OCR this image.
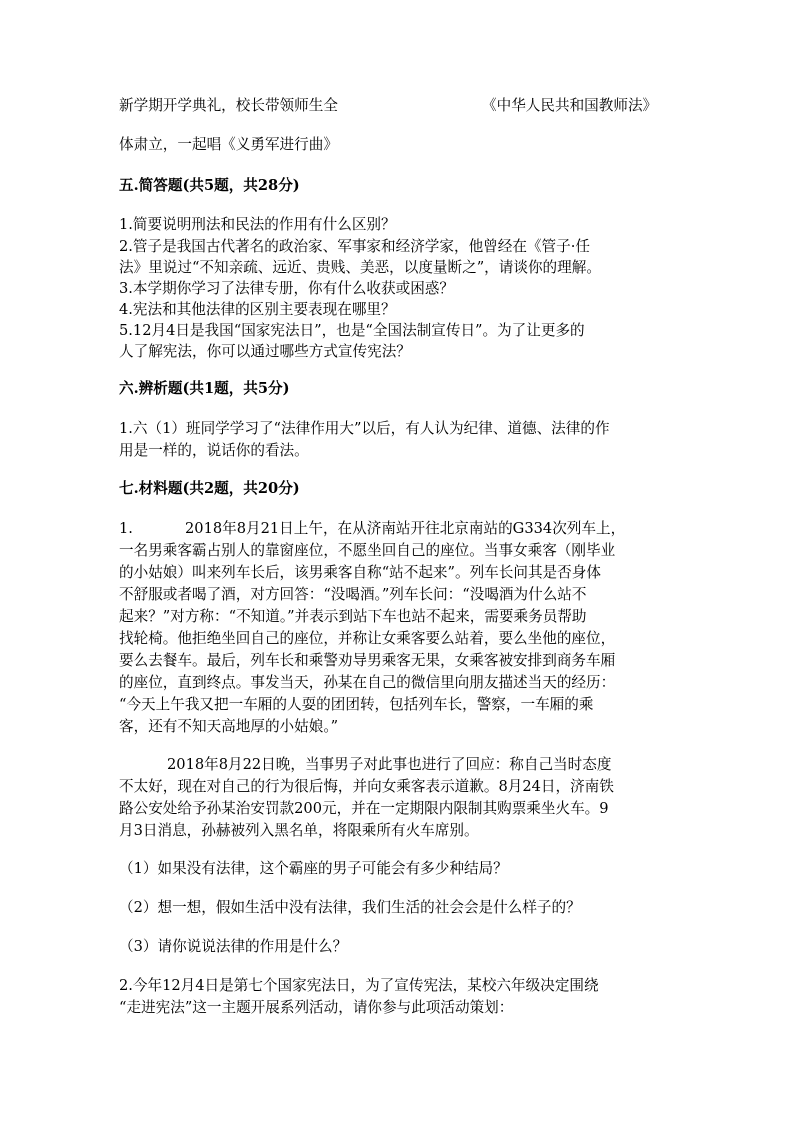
新学期开学典礼，校长带领师生全	《中华人民共和国教师法》
体肃立，一起唱《义勇军进行曲》
五.简答题(共5题，共28分)
1.简要说明刑法和民法的作用有什么区别？
2.管子是我国古代著名的政治家、军事家和经济学家，他曾经在《管子·任
法》里说过“不知亲疏、远近、贵贱、美恶，以度量断之”，请谈你的理解。
3.本学期你学习了法律专册，你有什么收获或困惑？
4.宪法和其他法律的区别主要表现在哪里？
5.12月4日是我国“国家宪法日”，也是“全国法制宣传日”。为了让更多的
人了解宪法，你可以通过哪些方式宣传宪法？
六.辨析题(共1题，共5分)
1.六（1）班同学学习了“法律作用大”以后，有人认为纪律、道德、法律的作
用是一样的，说话你的看法。
七.材料题(共2题，共20分)
1.	2018年8月21日上午，在从济南站开往北京南站的G334次列车上，
一名男乘客霸占别人的靠窗座位，不愿坐回自己的座位。当事女乘客（刚毕业
的小姑娘）叫来列车长后，该男乘客自称“站不起来”。列车长问其是否身体
不舒服或者喝了酒，对方回答：“没喝酒。”列车长问：“没喝酒为什么站不
起来？”对方称：“不知道。”并表示到站下车也站不起来，需要乘务员帮助
找轮椅。他拒绝坐回自己的座位，并称让女乘客要么站着，要么坐他的座位，
要么去餐车。最后，列车长和乘警劝导男乘客无果，女乘客被安排到商务车厢
的座位，直到终点。事发当天，孙某在自己的微信里向朋友描述当天的经历：
“今天上午我又把一车厢的人耍的团团转，包括列车长，警察，一车厢的乘
客，还有不知天高地厚的小姑娘。”
2018年8月22日晚，当事男子对此事也进行了回应：称自己当时态度
不太好，现在对自己的行为很后悔，并向女乘客表示道歉。8月24日，济南铁
路公安处给予孙某治安罚款200元，并在一定期限内限制其购票乘坐火车。9
月3日消息，孙赫被列入黑名单，将限乘所有火车席别。
（1）如果没有法律，这个霸座的男子可能会有多少种结局？
（2）想一想，假如生活中没有法律，我们生活的社会会是什么样子的？
（3）请你说说法律的作用是什么？
2.今年12月4日是第七个国家宪法日，为了宣传宪法，某校六年级决定围绕
“走进宪法”这一主题开展系列活动，请你参与此项活动策划：
